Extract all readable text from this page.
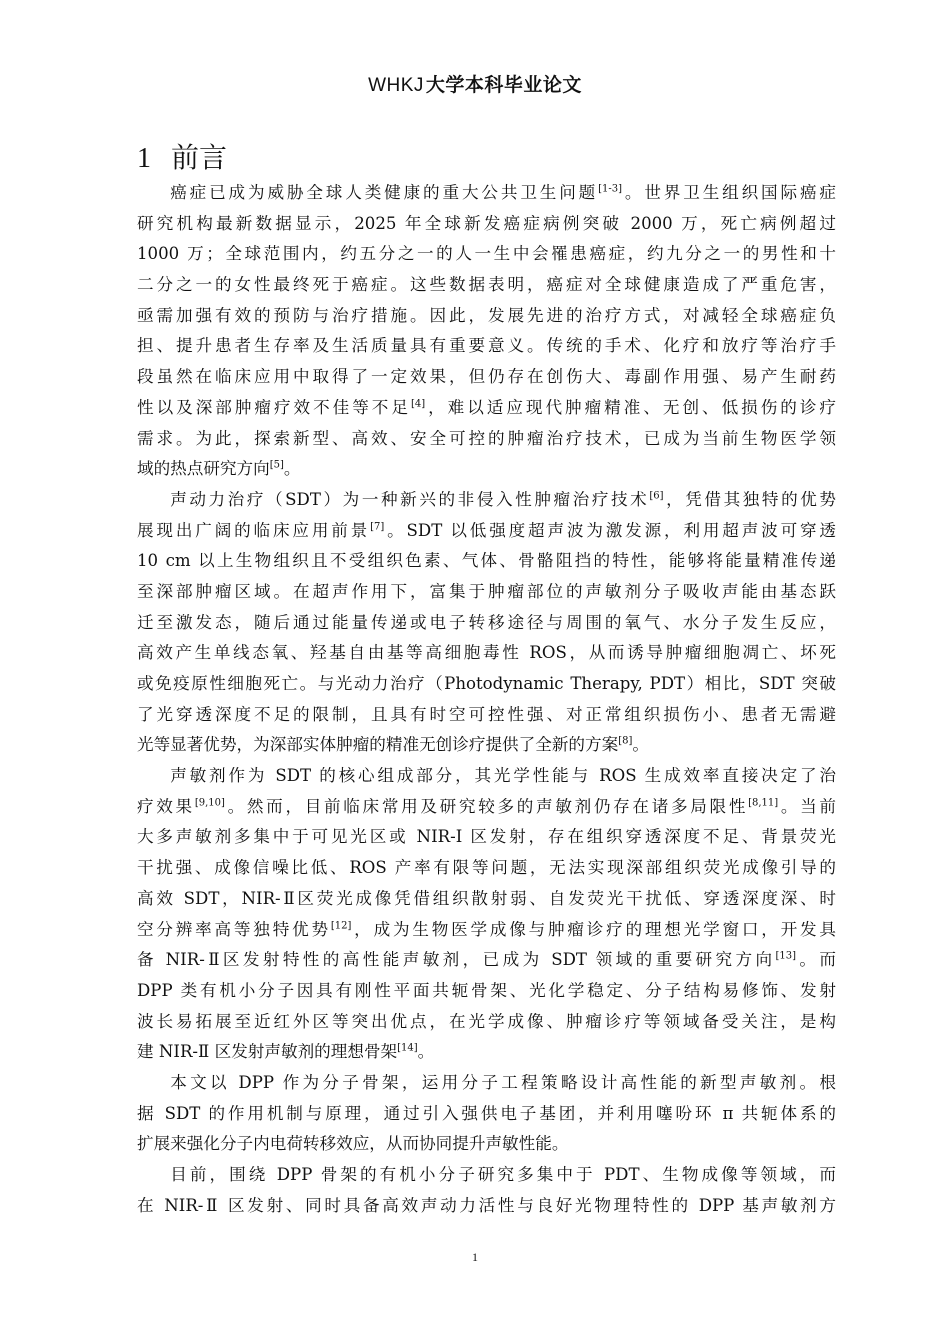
WHKJ 大学本科毕业论文
1 前言
癌症已成为威胁全球人类健康的重大公共卫生问题[1-3]。世界卫生组织国际癌症
研究机构最新数据显示，2025 年全球新发癌症病例突破 2000 万，死亡病例超过
1000 万；全球范围内，约五分之一的人一生中会罹患癌症，约九分之一的男性和十
二分之一的女性最终死于癌症。这些数据表明，癌症对全球健康造成了严重危害，
亟需加强有效的预防与治疗措施。因此，发展先进的治疗方式，对减轻全球癌症负
担、提升患者生存率及生活质量具有重要意义。传统的手术、化疗和放疗等治疗手
段虽然在临床应用中取得了一定效果，但仍存在创伤大、毒副作用强、易产生耐药
性以及深部肿瘤疗效不佳等不足[4]，难以适应现代肿瘤精准、无创、低损伤的诊疗
需求。为此，探索新型、高效、安全可控的肿瘤治疗技术，已成为当前生物医学领
域的热点研究方向[5]。
声动力治疗（SDT）为一种新兴的非侵入性肿瘤治疗技术[6]，凭借其独特的优势
展现出广阔的临床应用前景[7]。SDT 以低强度超声波为激发源，利用超声波可穿透
10 cm 以上生物组织且不受组织色素、气体、骨骼阻挡的特性，能够将能量精准传递
至深部肿瘤区域。在超声作用下，富集于肿瘤部位的声敏剂分子吸收声能由基态跃
迁至激发态，随后通过能量传递或电子转移途径与周围的氧气、水分子发生反应，
高效产生单线态氧、羟基自由基等高细胞毒性 ROS，从而诱导肿瘤细胞凋亡、坏死
或免疫原性细胞死亡。与光动力治疗（Photodynamic Therapy, PDT）相比，SDT 突破
了光穿透深度不足的限制，且具有时空可控性强、对正常组织损伤小、患者无需避
光等显著优势，为深部实体肿瘤的精准无创诊疗提供了全新的方案[8]。
声敏剂作为 SDT 的核心组成部分，其光学性能与 ROS 生成效率直接决定了治
疗效果[9,10]。然而，目前临床常用及研究较多的声敏剂仍存在诸多局限性[8,11]。当前
大多声敏剂多集中于可见光区或 NIR-I 区发射，存在组织穿透深度不足、背景荧光
干扰强、成像信噪比低、ROS 产率有限等问题，无法实现深部组织荧光成像引导的
高效 SDT，NIR-Ⅱ区荧光成像凭借组织散射弱、自发荧光干扰低、穿透深度深、时
空分辨率高等独特优势[12]，成为生物医学成像与肿瘤诊疗的理想光学窗口，开发具
备 NIR-Ⅱ区发射特性的高性能声敏剂，已成为 SDT 领域的重要研究方向[13]。而
DPP 类有机小分子因具有刚性平面共轭骨架、光化学稳定、分子结构易修饰、发射
波长易拓展至近红外区等突出优点，在光学成像、肿瘤诊疗等领域备受关注，是构
建 NIR-Ⅱ 区发射声敏剂的理想骨架[14]。
本文以 DPP 作为分子骨架，运用分子工程策略设计高性能的新型声敏剂。根
据 SDT 的作用机制与原理，通过引入强供电子基团，并利用噻吩环 π 共轭体系的
扩展来强化分子内电荷转移效应，从而协同提升声敏性能。
目前，围绕 DPP 骨架的有机小分子研究多集中于 PDT、生物成像等领域，而
在 NIR-Ⅱ 区发射、同时具备高效声动力活性与良好光物理特性的 DPP 基声敏剂方
1
